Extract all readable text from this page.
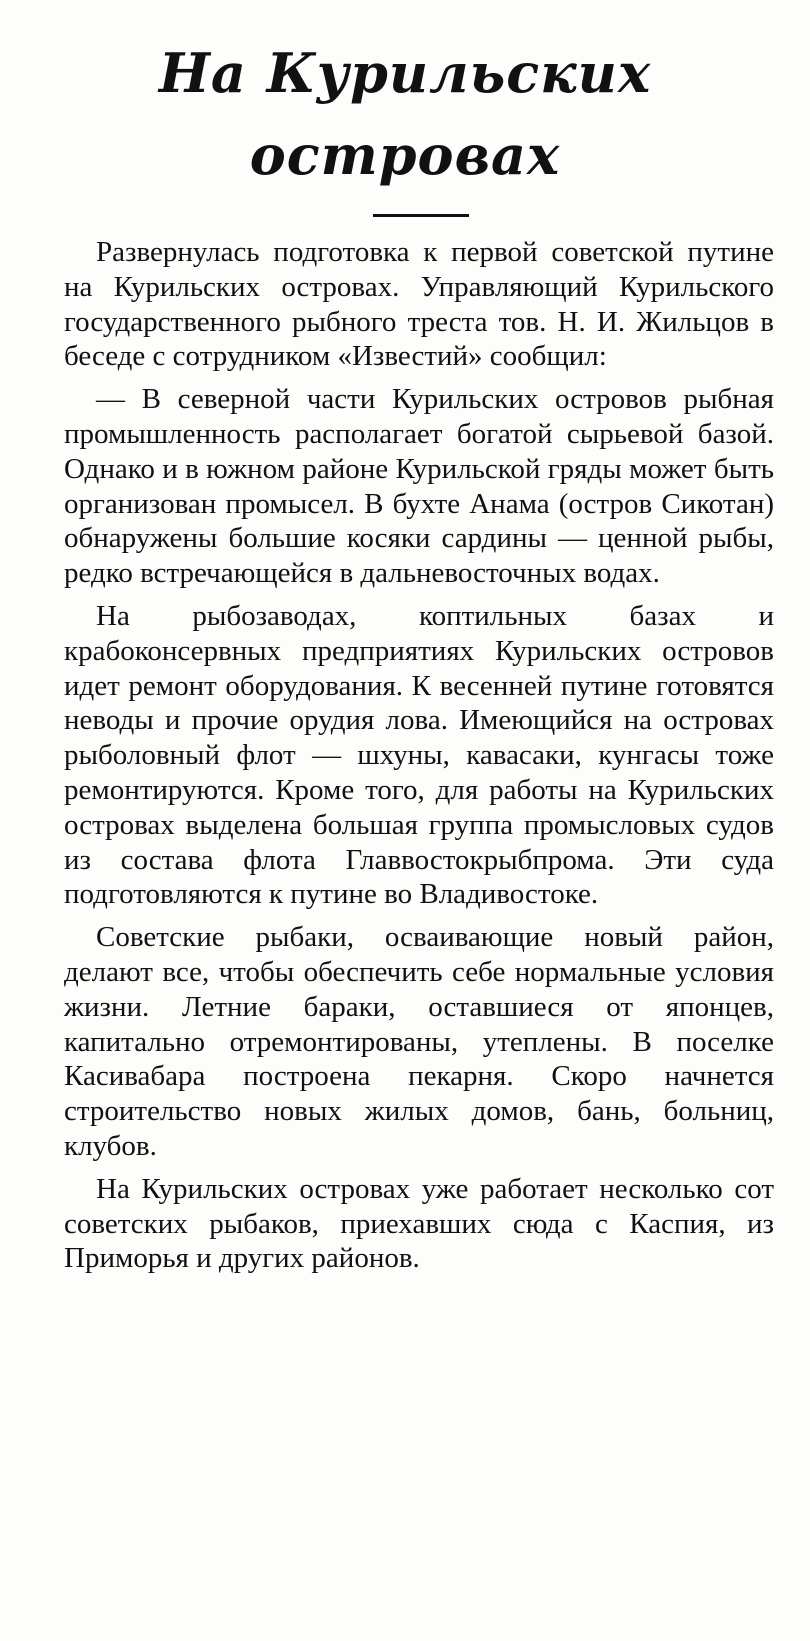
На Курильских
островах

Развернулась подготовка к первой советской путине на Курильских островах. Управляющий Курильского государственного рыбного треста тов. Н. И. Жильцов в беседе с сотрудником «Известий» сообщил:

— В северной части Курильских островов рыбная промышленность располагает богатой сырьевой базой. Однако и в южном районе Курильской гряды может быть организован промысел. В бухте Анама (остров Сикотан) обнаружены большие косяки сардины — ценной рыбы, редко встречающейся в дальневосточных водах.

На рыбозаводах, коптильных базах и крабоконсервных предприятиях Курильских островов идет ремонт оборудования. К весенней путине готовятся неводы и прочие орудия лова. Имеющийся на островах рыболовный флот — шхуны, кавасаки, кунгасы тоже ремонтируются. Кроме того, для работы на Курильских островах выделена большая группа промысловых судов из состава флота Главвостокрыбпрома. Эти суда подготовляются к путине во Владивостоке.

Советские рыбаки, осваивающие новый район, делают все, чтобы обеспечить себе нормальные условия жизни. Летние бараки, оставшиеся от японцев, капитально отремонтированы, утеплены. В поселке Касивабара построена пекарня. Скоро начнется строительство новых жилых домов, бань, больниц, клубов.

На Курильских островах уже работает несколько сот советских рыбаков, приехавших сюда с Каспия, из Приморья и других районов.
